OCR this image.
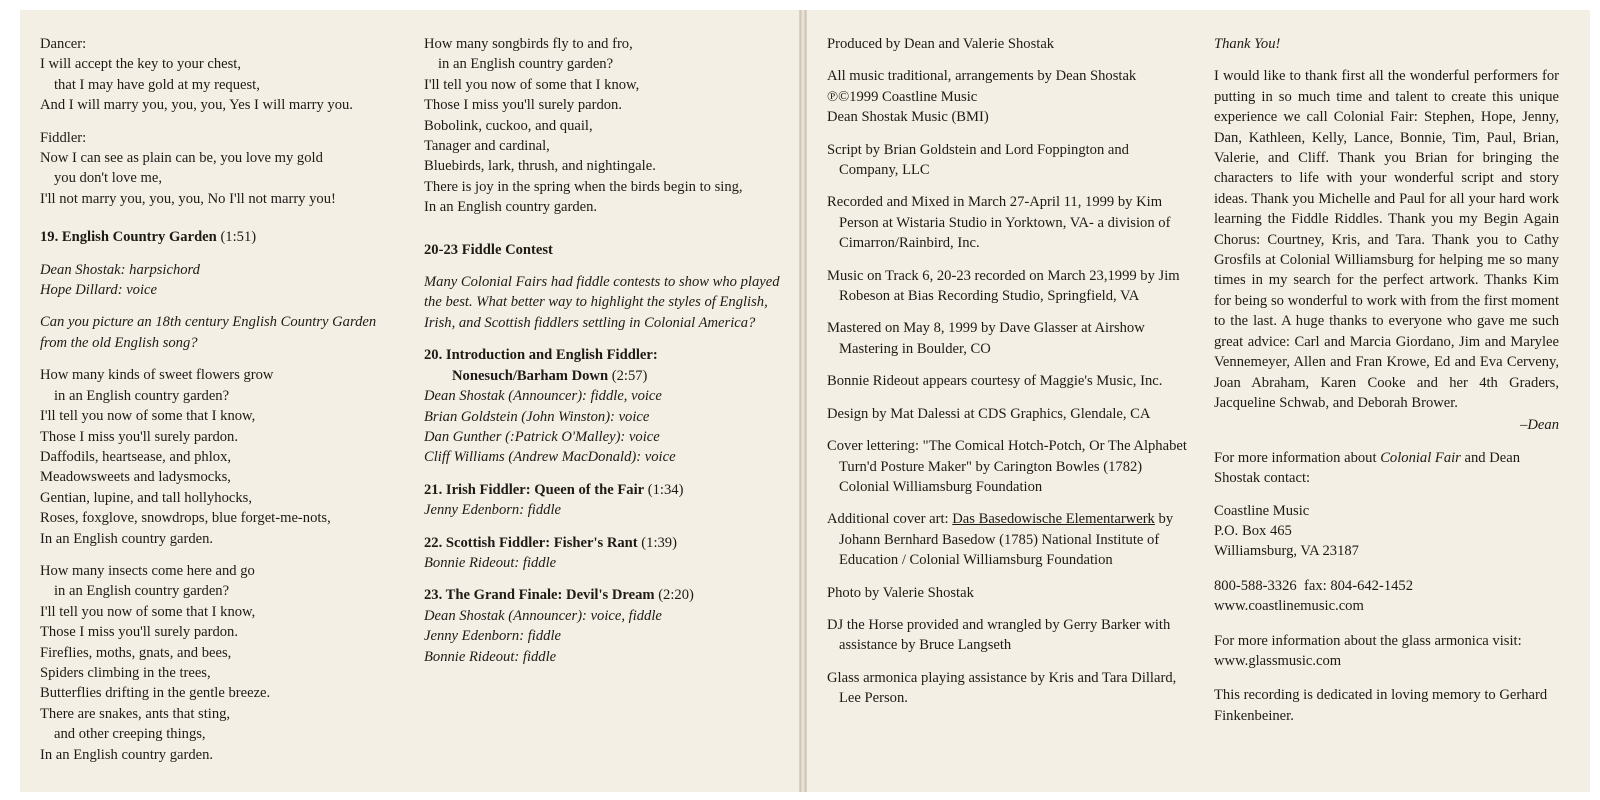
Dancer:
I will accept the key to your chest,
that I may have gold at my request,
And I will marry you, you, you, Yes I will marry you.
Fiddler:
Now I can see as plain can be, you love my gold
you don't love me,
I'll not marry you, you, you, No I'll not marry you!
19. English Country Garden (1:51)
Dean Shostak: harpsichord
Hope Dillard: voice
Can you picture an 18th century English Country Garden
from the old English song?
How many kinds of sweet flowers grow
in an English country garden?
I'll tell you now of some that I know,
Those I miss you'll surely pardon.
Daffodils, heartsease, and phlox,
Meadowsweets and ladysmocks,
Gentian, lupine, and tall hollyhocks,
Roses, foxglove, snowdrops, blue forget-me-nots,
In an English country garden.
How many insects come here and go
in an English country garden?
I'll tell you now of some that I know,
Those I miss you'll surely pardon.
Fireflies, moths, gnats, and bees,
Spiders climbing in the trees,
Butterflies drifting in the gentle breeze.
There are snakes, ants that sting,
and other creeping things,
In an English country garden.
How many songbirds fly to and fro,
in an English country garden?
I'll tell you now of some that I know,
Those I miss you'll surely pardon.
Bobolink, cuckoo, and quail,
Tanager and cardinal,
Bluebirds, lark, thrush, and nightingale.
There is joy in the spring when the birds begin to sing,
In an English country garden.
20-23 Fiddle Contest
Many Colonial Fairs had fiddle contests to show who played
the best. What better way to highlight the styles of English,
Irish, and Scottish fiddlers settling in Colonial America?
20. Introduction and English Fiddler:
Nonesuch/Barham Down (2:57)
Dean Shostak (Announcer): fiddle, voice
Brian Goldstein (John Winston): voice
Dan Gunther (:Patrick O'Malley): voice
Cliff Williams (Andrew MacDonald): voice
21. Irish Fiddler: Queen of the Fair (1:34)
Jenny Edenborn: fiddle
22. Scottish Fiddler: Fisher's Rant (1:39)
Bonnie Rideout: fiddle
23. The Grand Finale: Devil's Dream (2:20)
Dean Shostak (Announcer): voice, fiddle
Jenny Edenborn: fiddle
Bonnie Rideout: fiddle
Produced by Dean and Valerie Shostak
All music traditional, arrangements by Dean Shostak
℗©1999 Coastline Music
Dean Shostak Music (BMI)
Script by Brian Goldstein and Lord Foppington and Company, LLC
Recorded and Mixed in March 27-April 11, 1999 by Kim Person at Wistaria Studio in Yorktown, VA- a division of Cimarron/Rainbird, Inc.
Music on Track 6, 20-23 recorded on March 23,1999 by Jim Robeson at Bias Recording Studio, Springfield, VA
Mastered on May 8, 1999 by Dave Glasser at Airshow Mastering in Boulder, CO
Bonnie Rideout appears courtesy of Maggie's Music, Inc.
Design by Mat Dalessi at CDS Graphics, Glendale, CA
Cover lettering: "The Comical Hotch-Potch, Or The Alphabet Turn'd Posture Maker" by Carington Bowles (1782) Colonial Williamsburg Foundation
Additional cover art: Das Basedowische Elementarwerk by Johann Bernhard Basedow (1785) National Institute of Education / Colonial Williamsburg Foundation
Photo by Valerie Shostak
DJ the Horse provided and wrangled by Gerry Barker with assistance by Bruce Langseth
Glass armonica playing assistance by Kris and Tara Dillard, Lee Person.
Thank You!
I would like to thank first all the wonderful performers for putting in so much time and talent to create this unique experience we call Colonial Fair: Stephen, Hope, Jenny, Dan, Kathleen, Kelly, Lance, Bonnie, Tim, Paul, Brian, Valerie, and Cliff. Thank you Brian for bringing the characters to life with your wonderful script and story ideas. Thank you Michelle and Paul for all your hard work learning the Fiddle Riddles. Thank you my Begin Again Chorus: Courtney, Kris, and Tara. Thank you to Cathy Grosfils at Colonial Williamsburg for helping me so many times in my search for the perfect artwork. Thanks Kim for being so wonderful to work with from the first moment to the last. A huge thanks to everyone who gave me such great advice: Carl and Marcia Giordano, Jim and Marylee Vennemeyer, Allen and Fran Krowe, Ed and Eva Cerveny, Joan Abraham, Karen Cooke and her 4th Graders, Jacqueline Schwab, and Deborah Brower.
–Dean
For more information about Colonial Fair and Dean Shostak contact:
Coastline Music
P.O. Box 465
Williamsburg, VA 23187
800-588-3326  fax: 804-642-1452
www.coastlinemusic.com
For more information about the glass armonica visit:
www.glassmusic.com
This recording is dedicated in loving memory to Gerhard Finkenbeiner.
